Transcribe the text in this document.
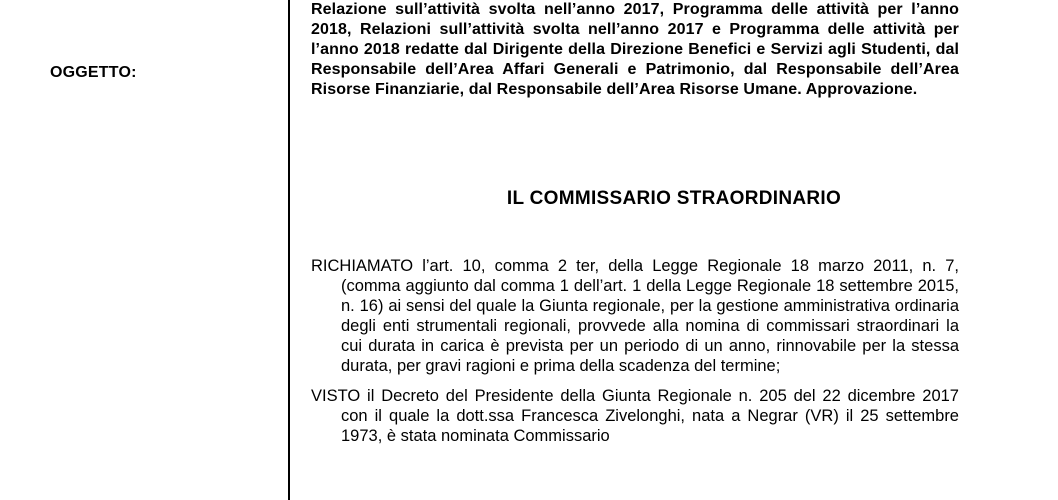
OGGETTO:

Relazione sull’attività svolta nell’anno 2017, Programma delle attività per l’anno 2018, Relazioni sull’attività svolta nell’anno 2017 e Programma delle attività per l’anno 2018 redatte dal Dirigente della Direzione Benefici e Servizi agli Studenti, dal Responsabile dell’Area Affari Generali e Patrimonio, dal Responsabile dell’Area Risorse Finanziarie, dal Responsabile dell’Area Risorse Umane. Approvazione.

IL COMMISSARIO STRAORDINARIO

RICHIAMATO l’art. 10, comma 2 ter, della Legge Regionale 18 marzo 2011, n. 7, (comma aggiunto dal comma 1 dell’art. 1 della Legge Regionale 18 settembre 2015, n. 16) ai sensi del quale la Giunta regionale, per la gestione amministrativa ordinaria degli enti strumentali regionali, provvede alla nomina di commissari straordinari la cui durata in carica è prevista per un periodo di un anno, rinnovabile per la stessa durata, per gravi ragioni e prima della scadenza del termine;

VISTO il Decreto del Presidente della Giunta Regionale n. 205 del 22 dicembre 2017 con il quale la dott.ssa Francesca Zivelonghi, nata a Negrar (VR) il 25 settembre 1973, è stata nominata Commissario
